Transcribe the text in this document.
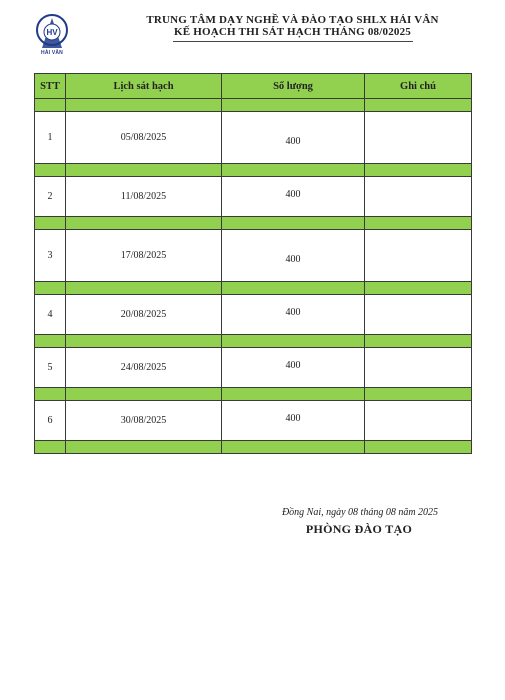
HV
HẢI VÂN
TRUNG TÂM DẠY NGHỀ VÀ ĐÀO TẠO SHLX HẢI VÂN
KẾ HOẠCH THI SÁT HẠCH THÁNG 08/02025
STT	Lịch sát hạch	Số lượng	Ghi chú

1	05/08/2025	400	

2	11/08/2025	400	

3	17/08/2025	400	

4	20/08/2025	400	

5	24/08/2025	400	

6	30/08/2025	400	

Đồng Nai, ngày 08 tháng 08 năm 2025
PHÒNG ĐÀO TẠO
